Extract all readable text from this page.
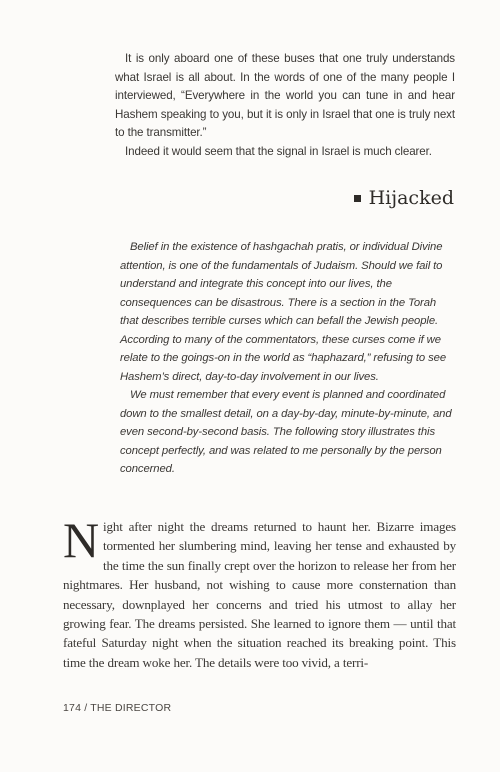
It is only aboard one of these buses that one truly understands what Israel is all about. In the words of one of the many people I interviewed, “Everywhere in the world you can tune in and hear Hashem speaking to you, but it is only in Israel that one is truly next to the transmitter.”

Indeed it would seem that the signal in Israel is much clearer.

Hijacked

Belief in the existence of hashgachah pratis, or individual Divine attention, is one of the fundamentals of Judaism. Should we fail to understand and integrate this concept into our lives, the consequences can be disastrous. There is a section in the Torah that describes terrible curses which can befall the Jewish people. According to many of the commentators, these curses come if we relate to the goings-on in the world as “haphazard,” refusing to see Hashem’s direct, day-to-day involvement in our lives.

We must remember that every event is planned and coordinated down to the smallest detail, on a day-by-day, minute-by-minute, and even second-by-second basis. The following story illustrates this concept perfectly, and was related to me personally by the person concerned.

Night after night the dreams returned to haunt her. Bizarre images tormented her slumbering mind, leaving her tense and exhausted by the time the sun finally crept over the horizon to release her from her nightmares. Her husband, not wishing to cause more consternation than necessary, downplayed her concerns and tried his utmost to allay her growing fear. The dreams persisted. She learned to ignore them — until that fateful Saturday night when the situation reached its breaking point. This time the dream woke her. The details were too vivid, a terri-

174 / THE DIRECTOR
